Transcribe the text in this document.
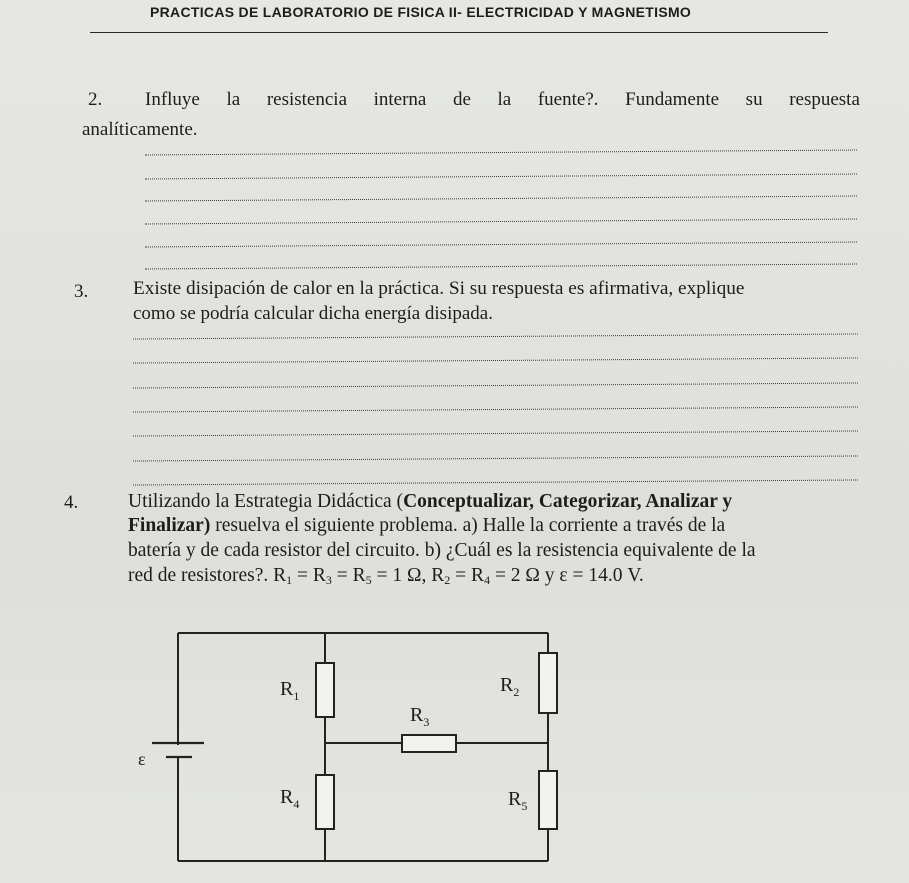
PRACTICAS DE LABORATORIO DE FISICA II- ELECTRICIDAD Y MAGNETISMO
2. Influye la resistencia interna de la fuente?. Fundamente su respuesta
analíticamente.
3. Existe disipación de calor en la práctica. Si su respuesta es afirmativa, explique
como se podría calcular dicha energía disipada.
4.	Utilizando la Estrategia Didáctica (Conceptualizar, Categorizar, Analizar y
Finalizar) resuelva el siguiente problema. a) Halle la corriente a través de la
batería y de cada resistor del circuito. b) ¿Cuál es la resistencia equivalente de la
red de resistores?. $R_1 = R_3 = R_5 = 1$ Ω, $R_2 = R_4 = 2$ Ω y ε = 14.0 V.
$R_1$	$R_2$
$R_3$
$R_4$	$R_5$
ε
